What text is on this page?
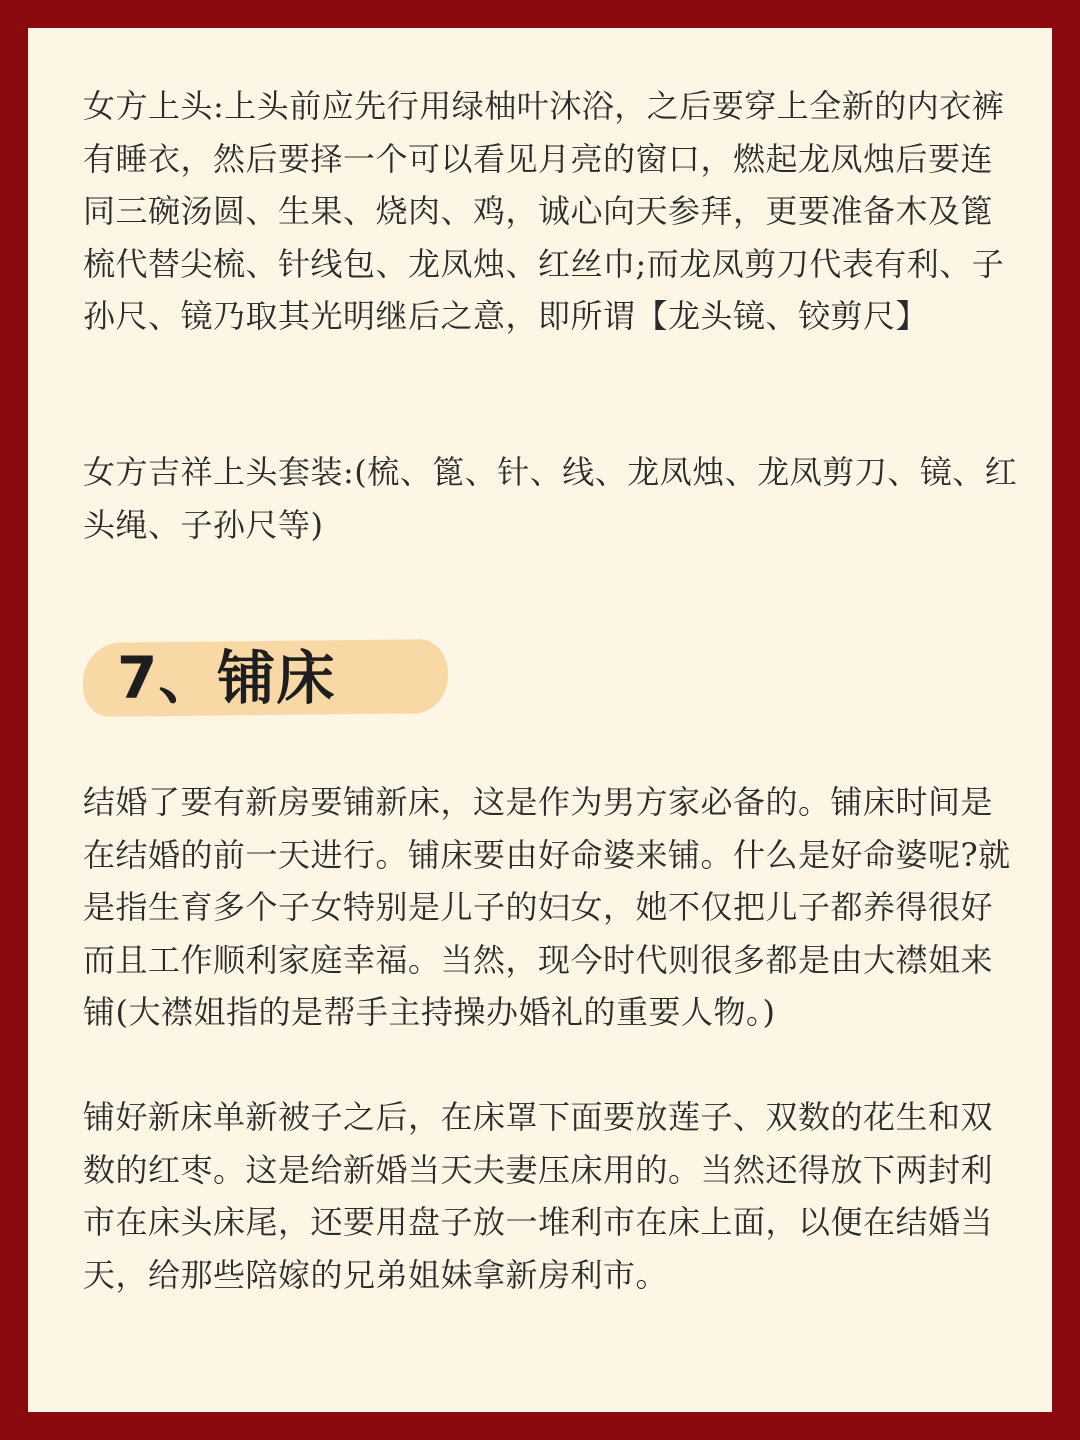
女方上头:上头前应先行用绿柚叶沐浴，之后要穿上全新的内衣裤有睡衣，然后要择一个可以看见月亮的窗口，燃起龙凤烛后要连同三碗汤圆、生果、烧肉、鸡，诚心向天参拜，更要准备木及篦梳代替尖梳、针线包、龙凤烛、红丝巾;而龙凤剪刀代表有利、子孙尺、镜乃取其光明继后之意，即所谓【龙头镜、铰剪尺】

女方吉祥上头套装:(梳、篦、针、线、龙凤烛、龙凤剪刀、镜、红头绳、子孙尺等)

7、铺床

结婚了要有新房要铺新床，这是作为男方家必备的。铺床时间是在结婚的前一天进行。铺床要由好命婆来铺。什么是好命婆呢?就是指生育多个子女特别是儿子的妇女，她不仅把儿子都养得很好而且工作顺利家庭幸福。当然，现今时代则很多都是由大襟姐来铺(大襟姐指的是帮手主持操办婚礼的重要人物。)

铺好新床单新被子之后，在床罩下面要放莲子、双数的花生和双数的红枣。这是给新婚当天夫妻压床用的。当然还得放下两封利市在床头床尾，还要用盘子放一堆利市在床上面，以便在结婚当天，给那些陪嫁的兄弟姐妹拿新房利市。
